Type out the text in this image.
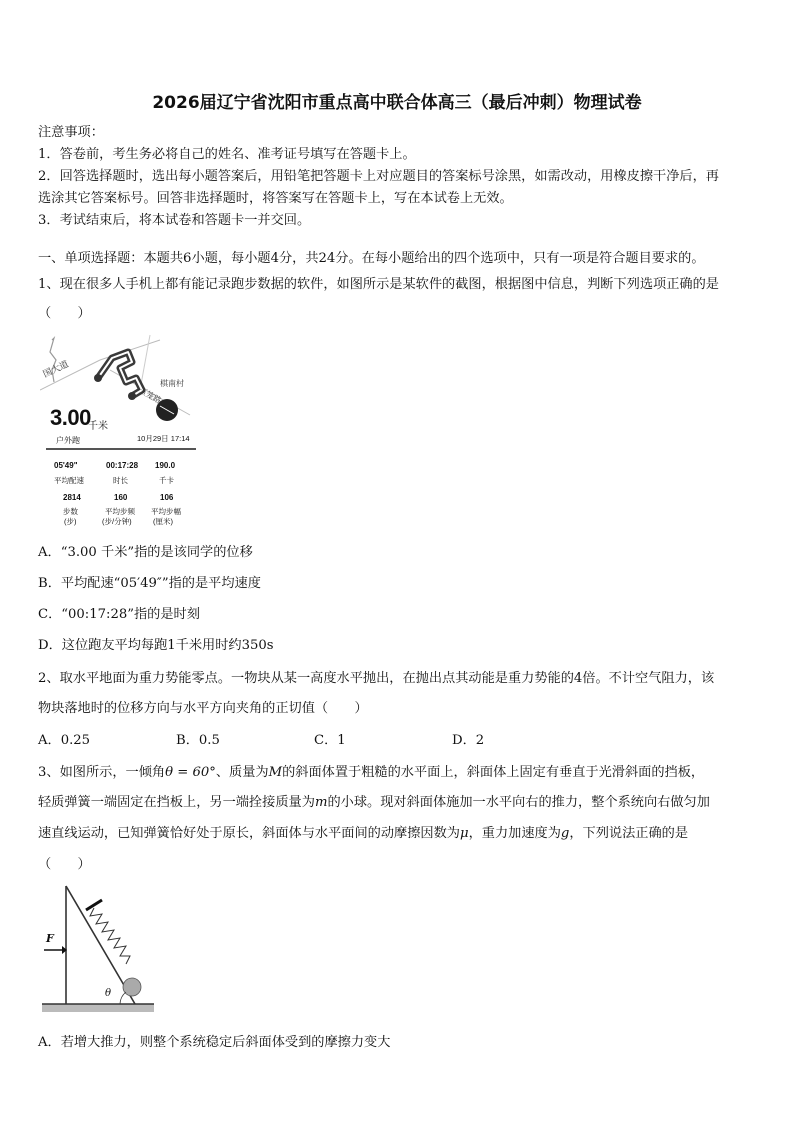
2026届辽宁省沈阳市重点高中联合体高三（最后冲刺）物理试卷
注意事项：
1．答卷前，考生务必将自己的姓名、准考证号填写在答题卡上。
2．回答选择题时，选出每小题答案后，用铅笔把答题卡上对应题目的答案标号涂黑，如需改动，用橡皮擦干净后，再
选涂其它答案标号。回答非选择题时，将答案写在答题卡上，写在本试卷上无效。
3．考试结束后，将本试卷和答题卡一并交回。
一、单项选择题：本题共6小题，每小题4分，共24分。在每小题给出的四个选项中，只有一项是符合题目要求的。
1、现在很多人手机上都有能记录跑步数据的软件，如图所示是某软件的截图，根据图中信息，判断下列选项正确的是
（　　）
国大道
玉笼路
棋南村
3.00
千米
户外跑	10月29日 17:14
05'49"
平均配速
00:17:28
时长
190.0
千卡
2814
步数
(步)
160
平均步频
(步/分钟)
106
平均步幅
(厘米)
A．“3.00 千米”指的是该同学的位移
B．平均配速“05′49″”指的是平均速度
C．“00:17:28”指的是时刻
D．这位跑友平均每跑1千米用时约350s
2、取水平地面为重力势能零点。一物块从某一高度水平抛出，在抛出点其动能是重力势能的4倍。不计空气阻力，该
物块落地时的位移方向与水平方向夹角的正切值（　　）
A．0.25	B．0.5	C．1	D．2
3、如图所示，一倾角θ = 60°、质量为M的斜面体置于粗糙的水平面上，斜面体上固定有垂直于光滑斜面的挡板，
轻质弹簧一端固定在挡板上，另一端拴接质量为m的小球。现对斜面体施加一水平向右的推力，整个系统向右做匀加
速直线运动，已知弹簧恰好处于原长，斜面体与水平面间的动摩擦因数为μ，重力加速度为g，下列说法正确的是
（　　）
F
θ
A．若增大推力，则整个系统稳定后斜面体受到的摩擦力变大
